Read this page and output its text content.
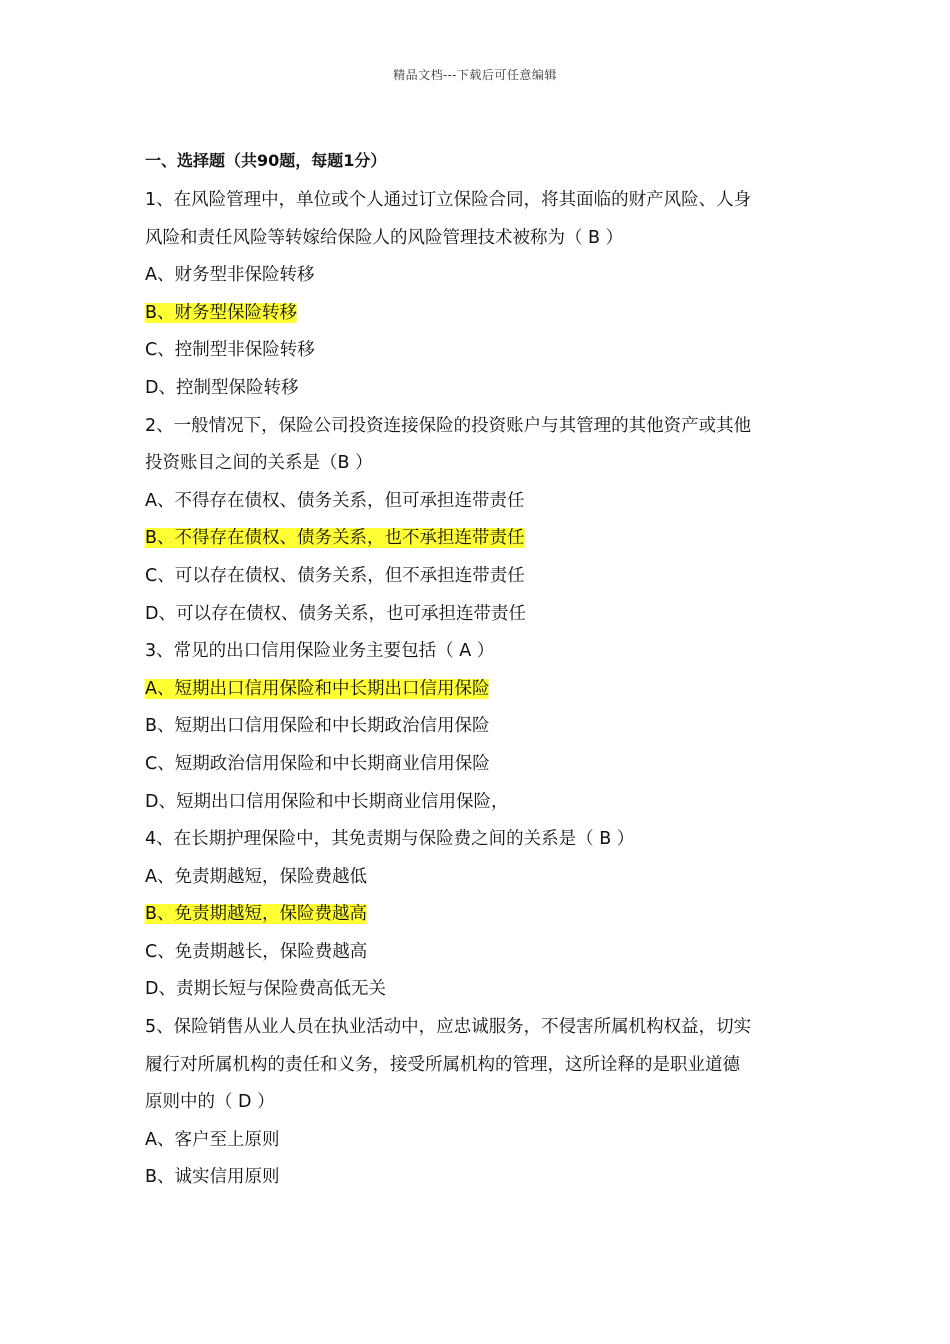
精品文档---下载后可任意编辑
一、选择题（共90题，每题1分）
1、在风险管理中，单位或个人通过订立保险合同，将其面临的财产风险、人身
风险和责任风险等转嫁给保险人的风险管理技术被称为（ B ）
A、财务型非保险转移
B、财务型保险转移
C、控制型非保险转移
D、控制型保险转移
2、一般情况下，保险公司投资连接保险的投资账户与其管理的其他资产或其他
投资账目之间的关系是（B ）
A、不得存在债权、债务关系，但可承担连带责任
B、不得存在债权、债务关系，也不承担连带责任
C、可以存在债权、债务关系，但不承担连带责任
D、可以存在债权、债务关系，也可承担连带责任
3、常见的出口信用保险业务主要包括（ A ）
A、短期出口信用保险和中长期出口信用保险
B、短期出口信用保险和中长期政治信用保险
C、短期政治信用保险和中长期商业信用保险
D、短期出口信用保险和中长期商业信用保险，
4、在长期护理保险中，其免责期与保险费之间的关系是（ B ）
A、免责期越短，保险费越低
B、免责期越短，保险费越高
C、免责期越长，保险费越高
D、责期长短与保险费高低无关
5、保险销售从业人员在执业活动中，应忠诚服务，不侵害所属机构权益，切实
履行对所属机构的责任和义务，接受所属机构的管理，这所诠释的是职业道德
原则中的（ D ）
A、客户至上原则
B、诚实信用原则
